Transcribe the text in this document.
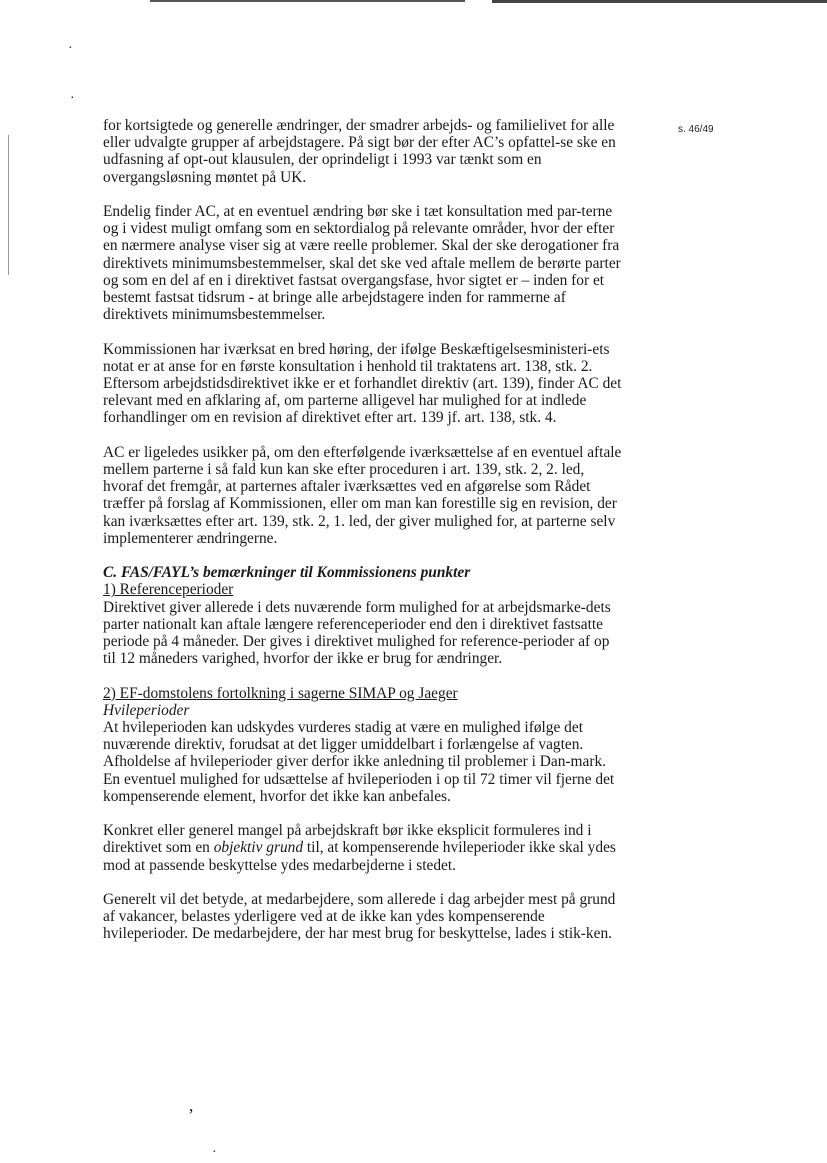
·
·
ʼ
·
s. 46/49

for kortsigtede og generelle ændringer, der smadrer arbejds- og familielivet for alle eller udvalgte grupper af arbejdstagere. På sigt bør der efter AC’s opfattel-se ske en udfasning af opt-out klausulen, der oprindeligt i 1993 var tænkt som en overgangsløsning møntet på UK.

Endelig finder AC, at en eventuel ændring bør ske i tæt konsultation med par-terne og i videst muligt omfang som en sektordialog på relevante områder, hvor der efter en nærmere analyse viser sig at være reelle problemer. Skal der ske derogationer fra direktivets minimumsbestemmelser, skal det ske ved aftale mellem de berørte parter og som en del af en i direktivet fastsat overgangsfase, hvor sigtet er – inden for et bestemt fastsat tidsrum - at bringe alle arbejdstagere inden for rammerne af direktivets minimumsbestemmelser.

Kommissionen har iværksat en bred høring, der ifølge Beskæftigelsesministeri-ets notat er at anse for en første konsultation i henhold til traktatens art. 138, stk. 2. Eftersom arbejdstidsdirektivet ikke er et forhandlet direktiv (art. 139), finder AC det relevant med en afklaring af, om parterne alligevel har mulighed for at indlede forhandlinger om en revision af direktivet efter art. 139 jf. art. 138, stk. 4.

AC er ligeledes usikker på, om den efterfølgende iværksættelse af en eventuel aftale mellem parterne i så fald kun kan ske efter proceduren i art. 139, stk. 2, 2. led, hvoraf det fremgår, at parternes aftaler iværksættes ved en afgørelse som Rådet træffer på forslag af Kommissionen, eller om man kan forestille sig en revision, der kan iværksættes efter art. 139, stk. 2, 1. led, der giver mulighed for, at parterne selv implementerer ændringerne.

C. FAS/FAYL’s bemærkninger til Kommissionens punkter
1) Referenceperioder

Direktivet giver allerede i dets nuværende form mulighed for at arbejdsmarke-dets parter nationalt kan aftale længere referenceperioder end den i direktivet fastsatte periode på 4 måneder. Der gives i direktivet mulighed for reference-perioder af op til 12 måneders varighed, hvorfor der ikke er brug for ændringer.

2) EF-domstolens fortolkning i sagerne SIMAP og Jaeger
Hvileperioder

At hvileperioden kan udskydes vurderes stadig at være en mulighed ifølge det nuværende direktiv, forudsat at det ligger umiddelbart i forlængelse af vagten. Afholdelse af hvileperioder giver derfor ikke anledning til problemer i Dan-mark. En eventuel mulighed for udsættelse af hvileperioden i op til 72 timer vil fjerne det kompenserende element, hvorfor det ikke kan anbefales.

Konkret eller generel mangel på arbejdskraft bør ikke eksplicit formuleres ind i direktivet som en objektiv grund til, at kompenserende hvileperioder ikke skal ydes mod at passende beskyttelse ydes medarbejderne i stedet.

Generelt vil det betyde, at medarbejdere, som allerede i dag arbejder mest på grund af vakancer, belastes yderligere ved at de ikke kan ydes kompenserende hvileperioder. De medarbejdere, der har mest brug for beskyttelse, lades i stik-ken.
